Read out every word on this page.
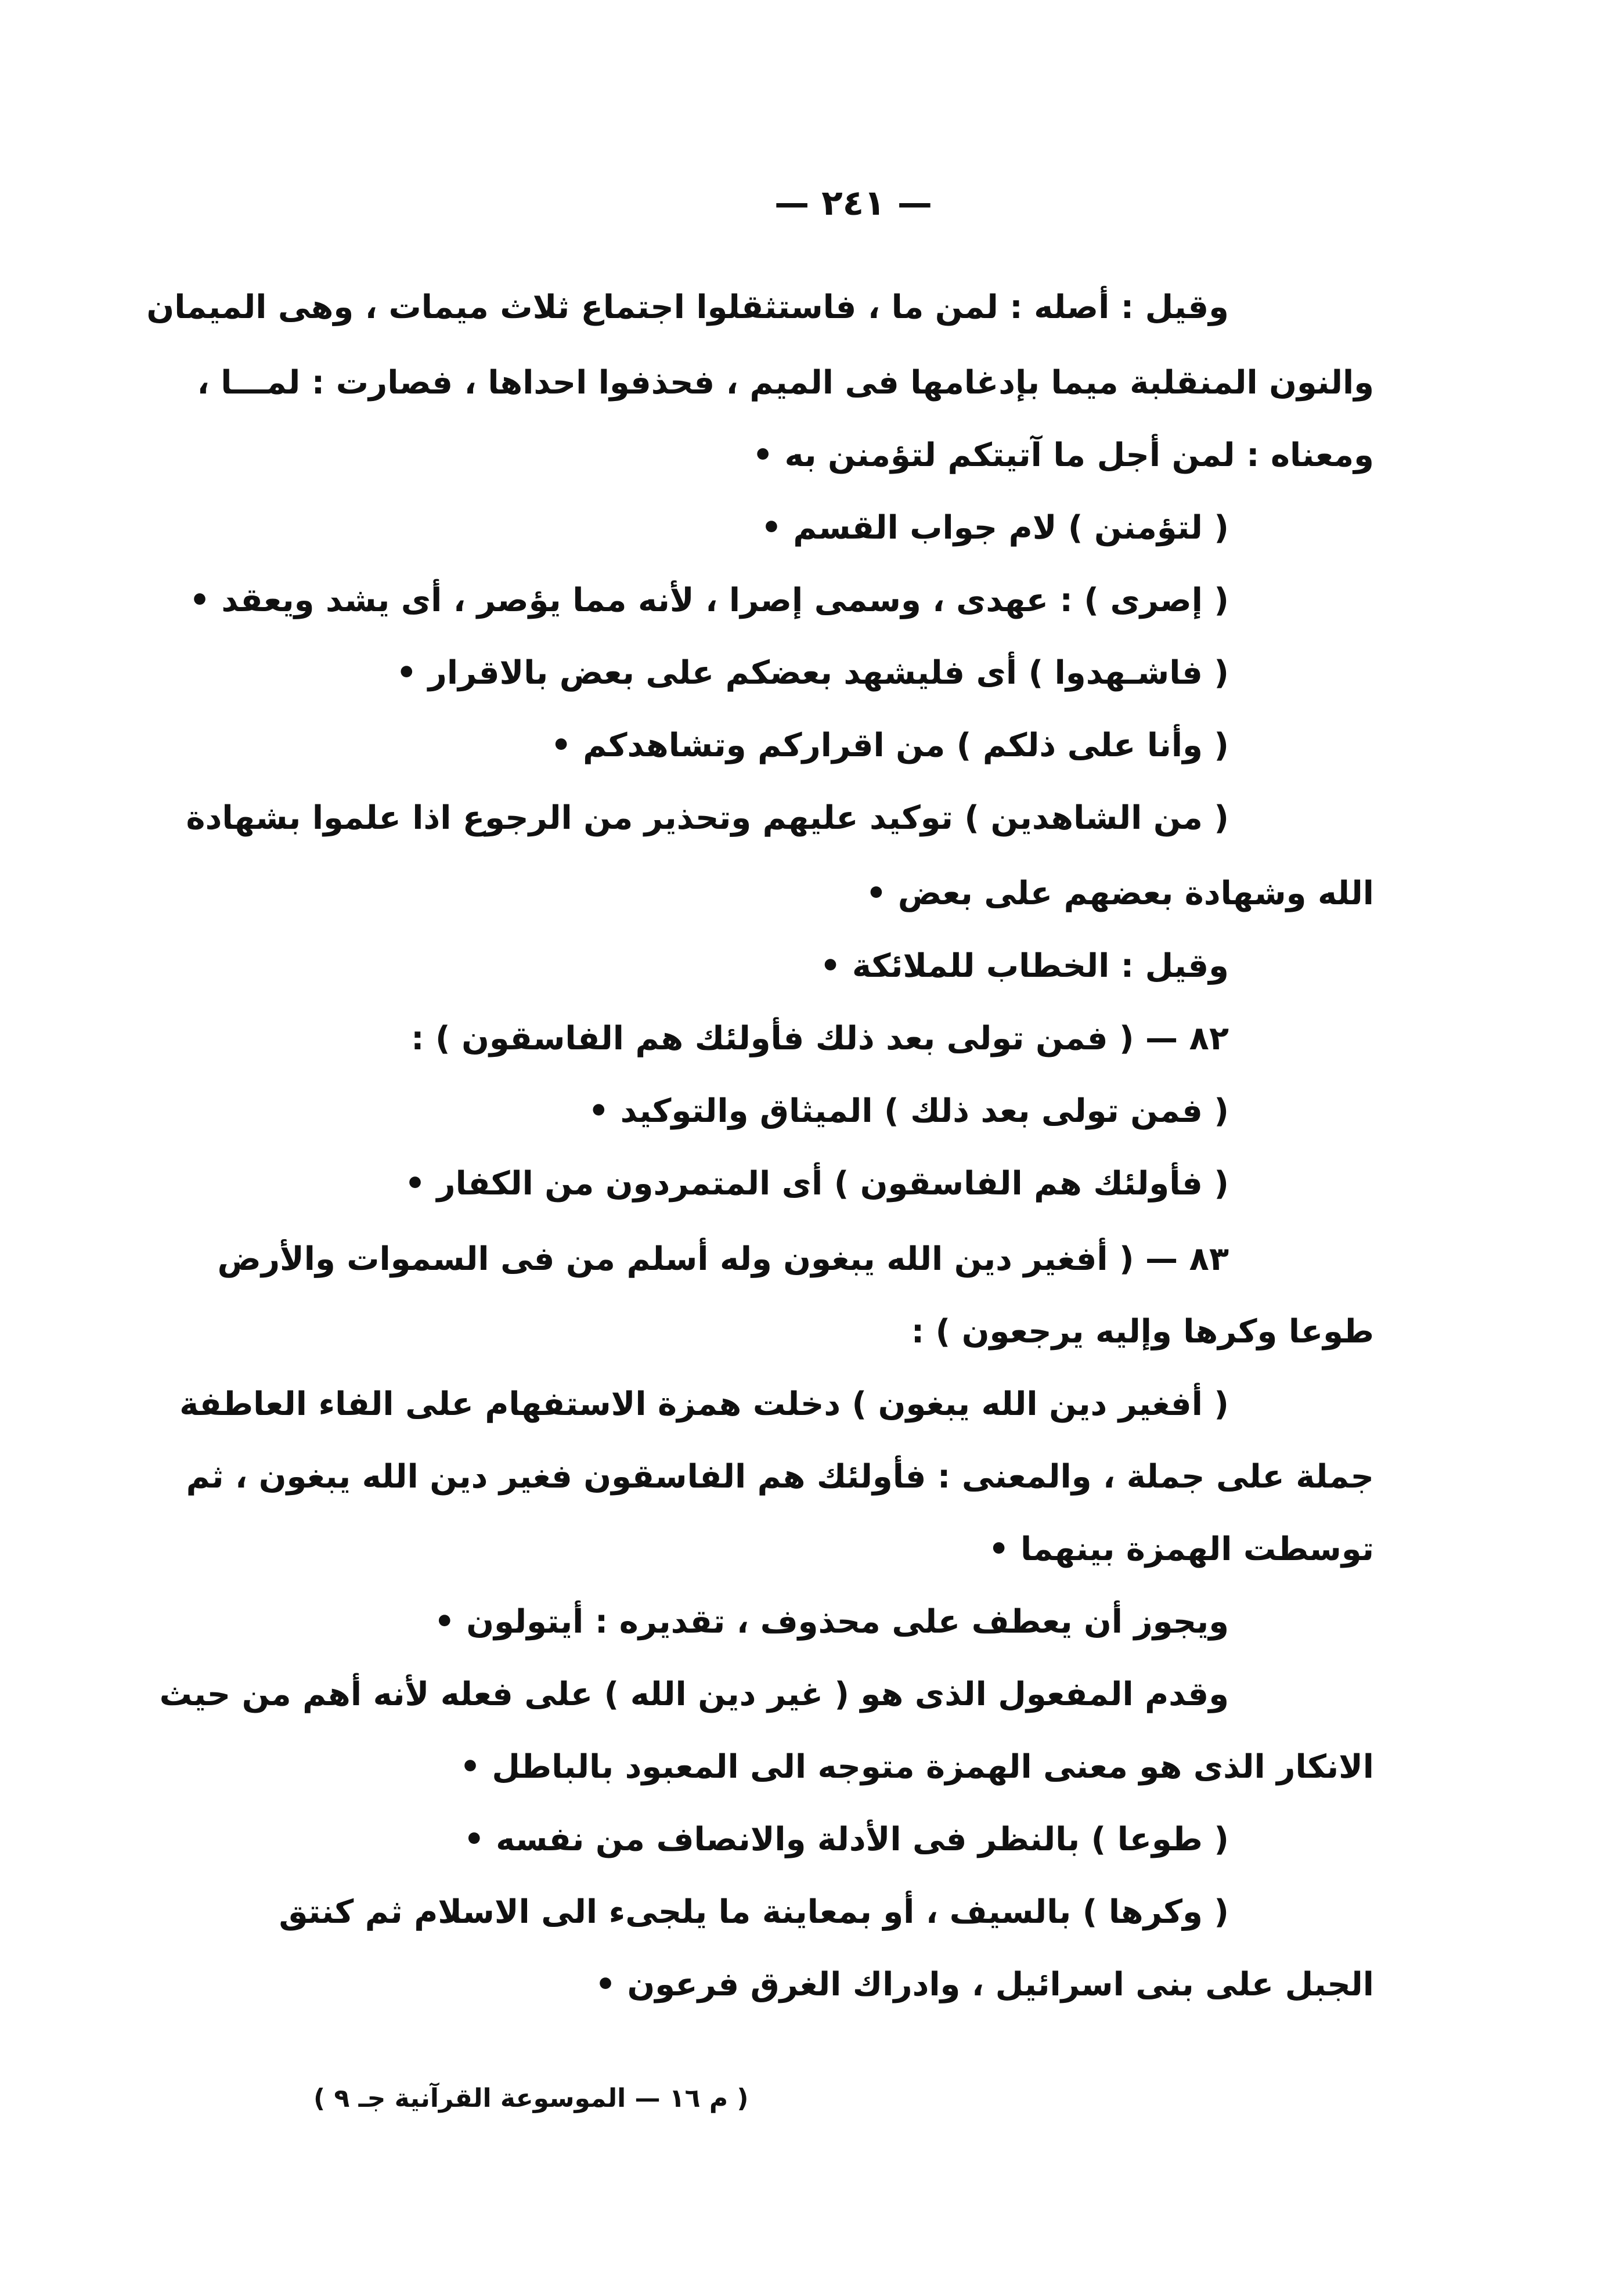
— ٢٤١ —
وقيل : أصله : لمن ما ، فاستثقلوا اجتماع ثلاث ميمات ، وهى الميمان
والنون المنقلبة ميما بإدغامها فى الميم ، فحذفوا احداها ، فصارت : لمـــا ،
ومعناه : لمن أجل ما آتيتكم لتؤمنن به •
( لتؤمنن ) لام جواب القسم •
( إصرى ) : عهدى ، وسمى إصرا ، لأنه مما يؤصر ، أى يشد ويعقد •
( فاشـهدوا ) أى فليشهد بعضكم على بعض بالاقرار •
( وأنا على ذلكم ) من اقراركم وتشاهدكم •
( من الشاهدين ) توكيد عليهم وتحذير من الرجوع اذا علموا بشهادة
الله وشهادة بعضهم على بعض •
وقيل : الخطاب للملائكة •
٨٢ — ( فمن تولى بعد ذلك فأولئك هم الفاسقون ) :
( فمن تولى بعد ذلك ) الميثاق والتوكيد •
( فأولئك هم الفاسقون ) أى المتمردون من الكفار •
٨٣ — ( أفغير دين الله يبغون وله أسلم من فى السموات والأرض
طوعا وكرها وإليه يرجعون ) :
( أفغير دين الله يبغون ) دخلت همزة الاستفهام على الفاء العاطفة
جملة على جملة ، والمعنى : فأولئك هم الفاسقون فغير دين الله يبغون ، ثم
توسطت الهمزة بينهما •
ويجوز أن يعطف على محذوف ، تقديره : أيتولون •
وقدم المفعول الذى هو ( غير دين الله ) على فعله لأنه أهم من حيث
الانكار الذى هو معنى الهمزة متوجه الى المعبود بالباطل •
( طوعا ) بالنظر فى الأدلة والانصاف من نفسه •
( وكرها ) بالسيف ، أو بمعاينة ما يلجىء الى الاسلام ثم كنتق
الجبل على بنى اسرائيل ، وادراك الغرق فرعون •
( م ١٦ — الموسوعة القرآنية جـ ٩ )
